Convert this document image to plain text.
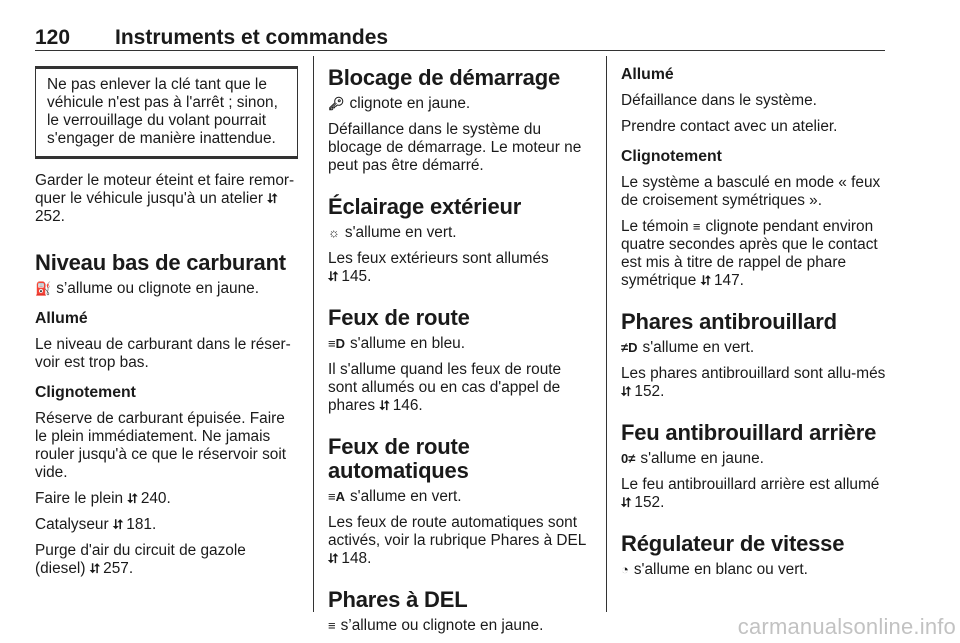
120 Instruments et commandes
Ne pas enlever la clé tant que le véhicule n'est pas à l'arrêt ; sinon, le verrouillage du volant pourrait s'engager de manière inattendue.

Garder le moteur éteint et faire remor-quer le véhicule jusqu'à un atelier ⮃252.

Niveau bas de carburant

⛽ s’allume ou clignote en jaune.

Allumé

Le niveau de carburant dans le réser-voir est trop bas.

Clignotement

Réserve de carburant épuisée. Faire le plein immédiatement. Ne jamais rouler jusqu'à ce que le réservoir soit vide.

Faire le plein ⮃ 240.

Catalyseur ⮃ 181.

Purge d'air du circuit de gazole (diesel) ⮃ 257.

Blocage de démarrage

🔑︎ clignote en jaune.

Défaillance dans le système du blocage de démarrage. Le moteur ne peut pas être démarré.

Éclairage extérieur

☼ s'allume en vert.

Les feux extérieurs sont allumés
⮃ 145.

Feux de route

≡D s'allume en bleu.

Il s'allume quand les feux de route sont allumés ou en cas d'appel de phares ⮃ 146.

Feux de route automatiques

≡A s'allume en vert.

Les feux de route automatiques sont activés, voir la rubrique Phares à DEL
⮃ 148.

Phares à DEL

≡ s’allume ou clignote en jaune.

Allumé

Défaillance dans le système.

Prendre contact avec un atelier.

Clignotement

Le système a basculé en mode « feux de croisement symétriques ».

Le témoin ≡ clignote pendant environ quatre secondes après que le contact est mis à titre de rappel de phare symétrique ⮃ 147.

Phares antibrouillard

≠D s'allume en vert.

Les phares antibrouillard sont allu-més ⮃ 152.

Feu antibrouillard arrière

0≠ s'allume en jaune.

Le feu antibrouillard arrière est allumé
⮃ 152.

Régulateur de vitesse

◔ s'allume en blanc ou vert.

carmanualsonline.info
